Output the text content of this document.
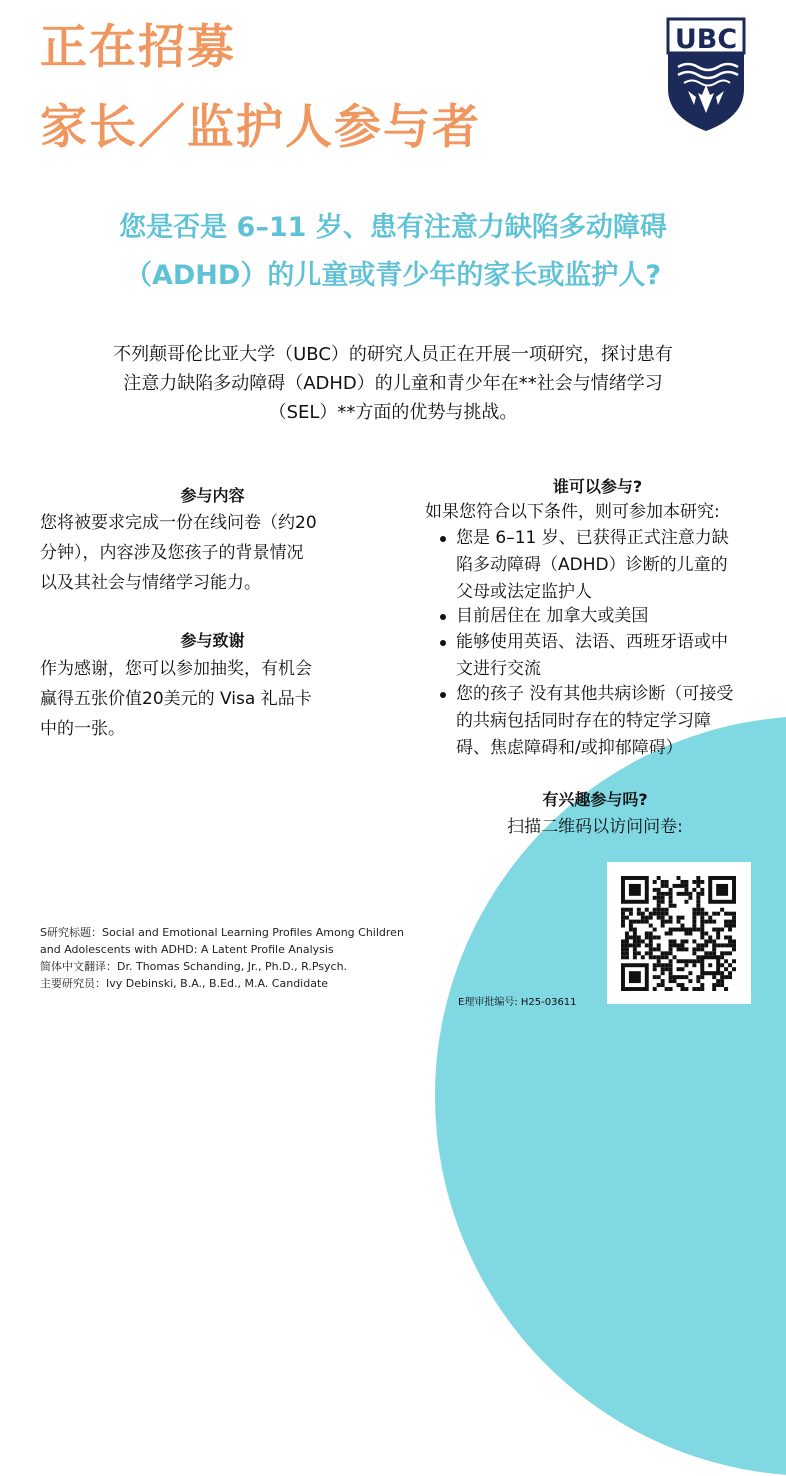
正在招募
家长／监护人参与者
UBC
您是否是 6–11 岁、患有注意力缺陷多动障碍
（ADHD）的儿童或青少年的家长或监护人?
不列颠哥伦比亚大学（UBC）的研究人员正在开展一项研究，探讨患有
注意力缺陷多动障碍（ADHD）的儿童和青少年在**社会与情绪学习
（SEL）**方面的优势与挑战。
参与内容
您将被要求完成一份在线问卷（约20
分钟），内容涉及您孩子的背景情况
以及其社会与情绪学习能力。
参与致谢
作为感谢，您可以参加抽奖，有机会
赢得五张价值20美元的 Visa 礼品卡
中的一张。
谁可以参与?
如果您符合以下条件，则可参加本研究:
您是 6–11 岁、已获得正式注意力缺
陷多动障碍（ADHD）诊断的儿童的
父母或法定监护人
目前居住在 加拿大或美国
能够使用英语、法语、西班牙语或中
文进行交流
您的孩子 没有其他共病诊断（可接受
的共病包括同时存在的特定学习障
碍、焦虑障碍和/或抑郁障碍）
有兴趣参与吗?
扫描二维码以访问问卷:
S研究标题：Social and Emotional Learning Profiles Among Children
and Adolescents with ADHD: A Latent Profile Analysis
简体中文翻译：Dr. Thomas Schanding, Jr., Ph.D., R.Psych.
主要研究员：Ivy Debinski, B.A., B.Ed., M.A. Candidate
E理审批编号: H25-03611
